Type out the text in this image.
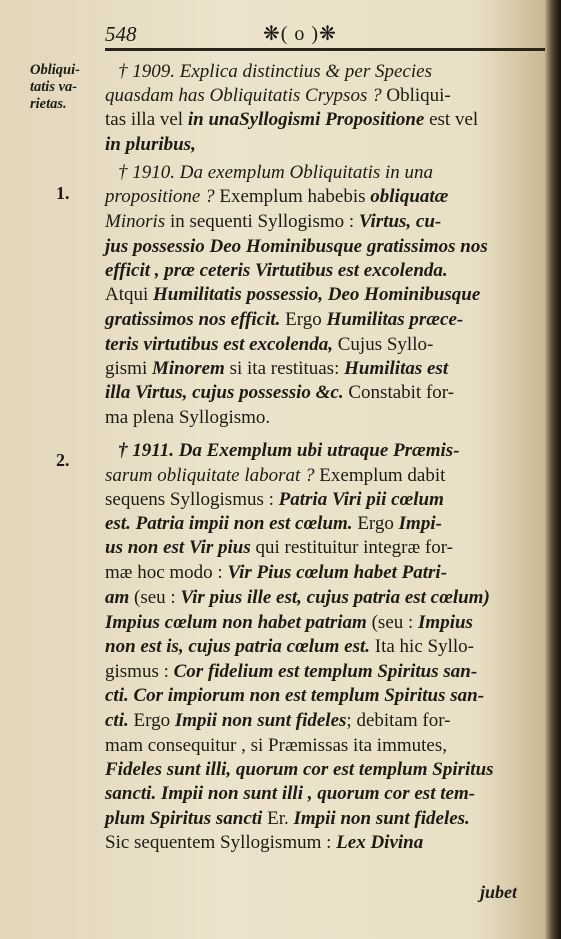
548	❋( o )❋
Obliqui-
tatis va-
rietas.
1.
2.
† 1909. Explica distinctius & per Species
quasdam has Obliquitatis Crypsos ? Obliqui-
tas illa vel in unaSyllogismi Propositione est vel
in pluribus,
† 1910. Da exemplum Obliquitatis in una
propositione ? Exemplum habebis obliquatæ
Minoris in sequenti Syllogismo : Virtus, cu-
jus possessio Deo Hominibusque gratissimos nos
efficit , præ ceteris Virtutibus est excolenda.
Atqui Humilitatis possessio, Deo Hominibusque
gratissimos nos efficit. Ergo Humilitas præce-
teris virtutibus est excolenda, Cujus Syllo-
gismi Minorem si ita restituas: Humilitas est
illa Virtus, cujus possessio &c. Constabit for-
ma plena Syllogismo.
† 1911. Da Exemplum ubi utraque Præmis-
sarum obliquitate laborat ? Exemplum dabit
sequens Syllogismus : Patria Viri pii cœlum
est. Patria impii non est cœlum. Ergo Impi-
us non est Vir pius qui restituitur integræ for-
mæ hoc modo : Vir Pius cœlum habet Patri-
am (seu : Vir pius ille est, cujus patria est cœlum)
Impius cœlum non habet patriam (seu : Impius
non est is, cujus patria cœlum est. Ita hic Syllo-
gismus : Cor fidelium est templum Spiritus san-
cti. Cor impiorum non est templum Spiritus san-
cti. Ergo Impii non sunt fideles; debitam for-
mam consequitur , si Præmissas ita immutes,
Fideles sunt illi, quorum cor est templum Spiritus
sancti. Impii non sunt illi , quorum cor est tem-
plum Spiritus sancti Er. Impii non sunt fideles.
Sic sequentem Syllogismum : Lex Divina
jubet
